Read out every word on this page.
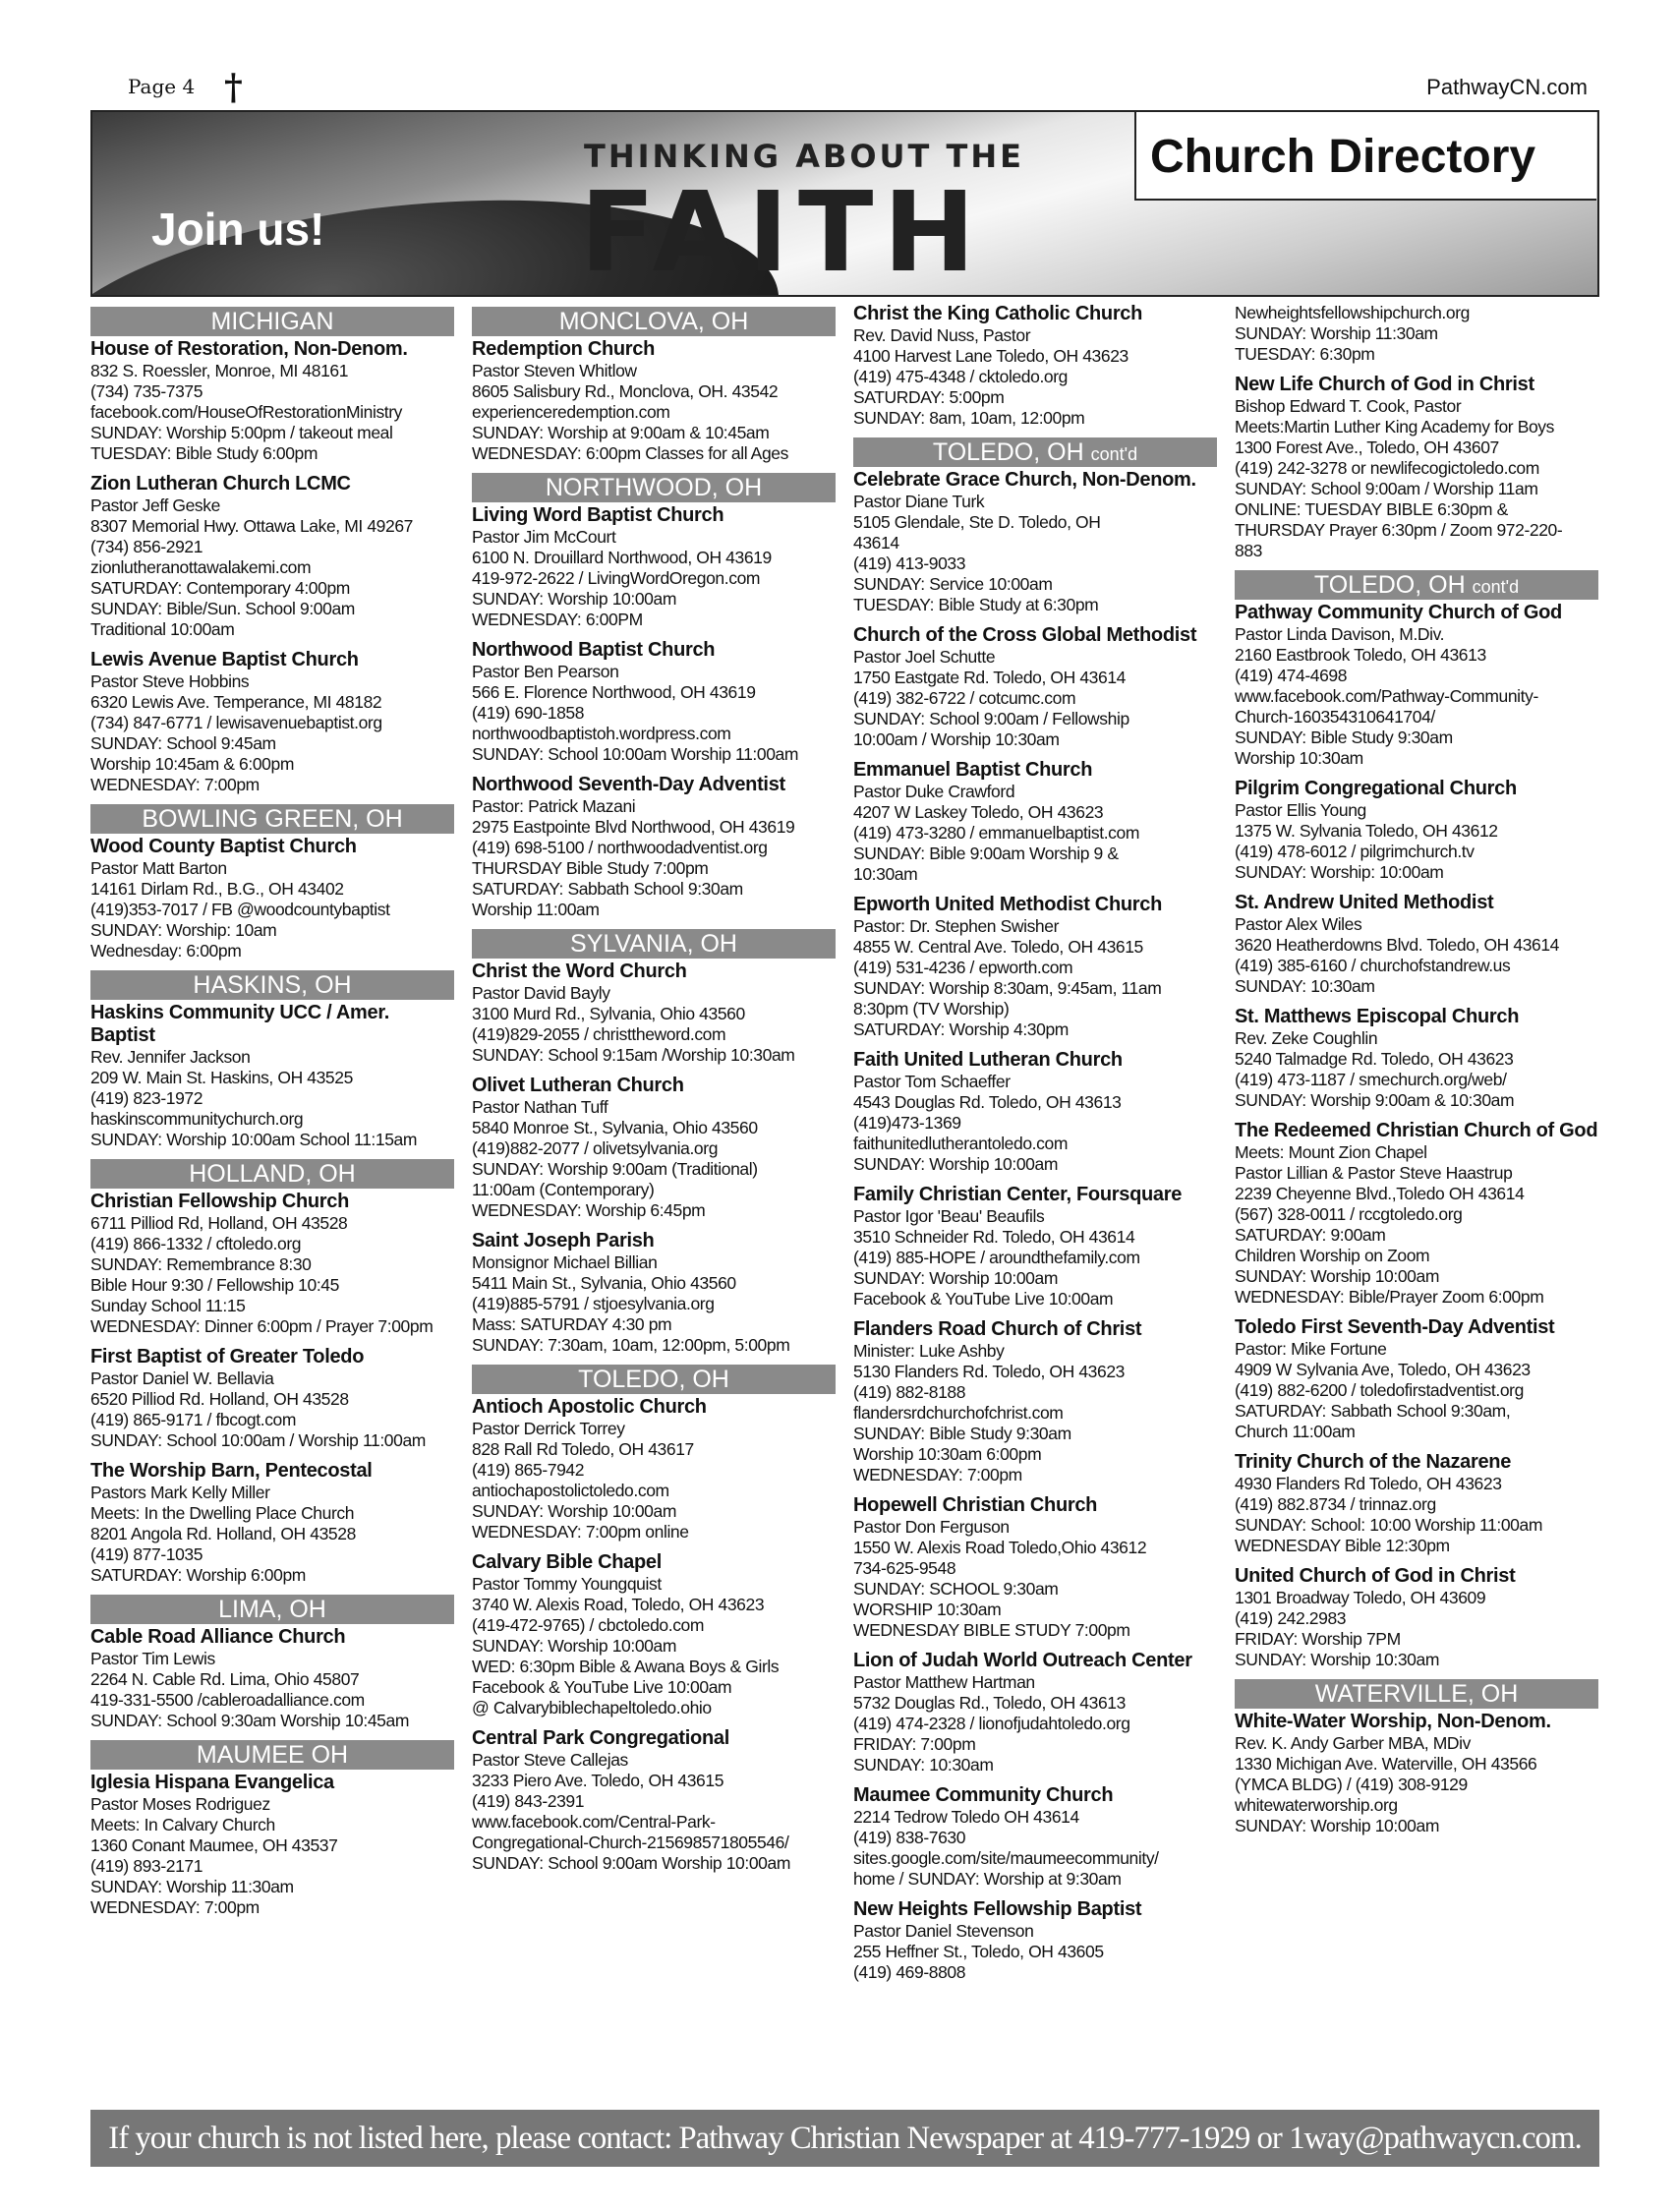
Page 4 †	PathwayCN.com
Join us!
THINKING ABOUT THE
FAITH
Church Directory
MICHIGAN
House of Restoration, Non-Denom.
832 S. Roessler, Monroe, MI 48161
(734) 735-7375
facebook.com/HouseOfRestorationMinistry
SUNDAY: Worship 5:00pm / takeout meal
TUESDAY: Bible Study 6:00pm
Zion Lutheran Church LCMC
Pastor Jeff Geske
8307 Memorial Hwy. Ottawa Lake, MI 49267
(734) 856-2921
zionlutheranottawalakemi.com
SATURDAY: Contemporary 4:00pm
SUNDAY: Bible/Sun. School 9:00am
Traditional 10:00am
Lewis Avenue Baptist Church
Pastor Steve Hobbins
6320 Lewis Ave. Temperance, MI 48182
(734) 847-6771 / lewisavenuebaptist.org
SUNDAY: School 9:45am
Worship 10:45am & 6:00pm
WEDNESDAY: 7:00pm
BOWLING GREEN, OH
Wood County Baptist Church
Pastor Matt Barton
14161 Dirlam Rd., B.G., OH 43402
(419)353-7017 / FB @woodcountybaptist
SUNDAY: Worship: 10am
Wednesday: 6:00pm
HASKINS, OH
Haskins Community UCC / Amer. Baptist
Rev. Jennifer Jackson
209 W. Main St. Haskins, OH 43525
(419) 823-1972
haskinscommunitychurch.org
SUNDAY: Worship 10:00am School 11:15am
HOLLAND, OH
Christian Fellowship Church
6711 Pilliod Rd, Holland, OH 43528
(419) 866-1332 / cftoledo.org
SUNDAY: Remembrance 8:30
Bible Hour 9:30 / Fellowship 10:45
Sunday School 11:15
WEDNESDAY: Dinner 6:00pm / Prayer 7:00pm
First Baptist of Greater Toledo
Pastor Daniel W. Bellavia
6520 Pilliod Rd. Holland, OH 43528
(419) 865-9171 / fbcogt.com
SUNDAY: School 10:00am / Worship 11:00am
The Worship Barn, Pentecostal
Pastors Mark Kelly Miller
Meets: In the Dwelling Place Church
8201 Angola Rd. Holland, OH 43528
(419) 877-1035
SATURDAY: Worship 6:00pm
LIMA, OH
Cable Road Alliance Church
Pastor Tim Lewis
2264 N. Cable Rd. Lima, Ohio 45807
419-331-5500 /cableroadalliance.com
SUNDAY: School 9:30am Worship 10:45am
MAUMEE OH
Iglesia Hispana Evangelica
Pastor Moses Rodriguez
Meets: In Calvary Church
1360 Conant Maumee, OH 43537
(419) 893-2171
SUNDAY: Worship 11:30am
WEDNESDAY: 7:00pm
MONCLOVA, OH
Redemption Church
Pastor Steven Whitlow
8605 Salisbury Rd., Monclova, OH. 43542
experienceredemption.com
SUNDAY: Worship at 9:00am & 10:45am
WEDNESDAY: 6:00pm Classes for all Ages
NORTHWOOD, OH
Living Word Baptist Church
Pastor Jim McCourt
6100 N. Drouillard Northwood, OH 43619
419-972-2622 / LivingWordOregon.com
SUNDAY: Worship 10:00am
WEDNESDAY: 6:00PM
Northwood Baptist Church
Pastor Ben Pearson
566 E. Florence Northwood, OH 43619
(419) 690-1858
northwoodbaptistoh.wordpress.com
SUNDAY: School 10:00am Worship 11:00am
Northwood Seventh-Day Adventist
Pastor: Patrick Mazani
2975 Eastpointe Blvd Northwood, OH 43619
(419) 698-5100 / northwoodadventist.org
THURSDAY Bible Study 7:00pm
SATURDAY: Sabbath School 9:30am
Worship 11:00am
SYLVANIA, OH
Christ the Word Church
Pastor David Bayly
3100 Murd Rd., Sylvania, Ohio 43560
(419)829-2055 / christtheword.com
SUNDAY: School 9:15am /Worship 10:30am
Olivet Lutheran Church
Pastor Nathan Tuff
5840 Monroe St., Sylvania, Ohio 43560
(419)882-2077 / olivetsylvania.org
SUNDAY: Worship 9:00am (Traditional)
11:00am (Contemporary)
WEDNESDAY: Worship 6:45pm
Saint Joseph Parish
Monsignor Michael Billian
5411 Main St., Sylvania, Ohio 43560
(419)885-5791 / stjoesylvania.org
Mass: SATURDAY 4:30 pm
SUNDAY: 7:30am, 10am, 12:00pm, 5:00pm
TOLEDO, OH
Antioch Apostolic Church
Pastor Derrick Torrey
828 Rall Rd Toledo, OH 43617
(419) 865-7942
antiochapostolictoledo.com
SUNDAY: Worship 10:00am
WEDNESDAY: 7:00pm online
Calvary Bible Chapel
Pastor Tommy Youngquist
3740 W. Alexis Road, Toledo, OH 43623
(419-472-9765) / cbctoledo.com
SUNDAY: Worship 10:00am
WED: 6:30pm Bible & Awana Boys & Girls
Facebook & YouTube Live 10:00am
@ Calvarybiblechapeltoledo.ohio
Central Park Congregational
Pastor Steve Callejas
3233 Piero Ave. Toledo, OH 43615
(419) 843-2391
www.facebook.com/Central-Park-
Congregational-Church-215698571805546/
SUNDAY: School 9:00am Worship 10:00am
Christ the King Catholic Church
Rev. David Nuss, Pastor
4100 Harvest Lane Toledo, OH 43623
(419) 475-4348 / cktoledo.org
SATURDAY: 5:00pm
SUNDAY: 8am, 10am, 12:00pm
TOLEDO, OH cont'd
Celebrate Grace Church, Non-Denom.
Pastor Diane Turk
5105 Glendale, Ste D. Toledo, OH
43614
(419) 413-9033
SUNDAY: Service 10:00am
TUESDAY: Bible Study at 6:30pm
Church of the Cross Global Methodist
Pastor Joel Schutte
1750 Eastgate Rd. Toledo, OH 43614
(419) 382-6722 / cotcumc.com
SUNDAY: School 9:00am / Fellowship
10:00am / Worship 10:30am
Emmanuel Baptist Church
Pastor Duke Crawford
4207 W Laskey Toledo, OH 43623
(419) 473-3280 / emmanuelbaptist.com
SUNDAY: Bible 9:00am Worship 9 &
10:30am
Epworth United Methodist Church
Pastor: Dr. Stephen Swisher
4855 W. Central Ave. Toledo, OH 43615
(419) 531-4236 / epworth.com
SUNDAY: Worship 8:30am, 9:45am, 11am
8:30pm (TV Worship)
SATURDAY: Worship 4:30pm
Faith United Lutheran Church
Pastor Tom Schaeffer
4543 Douglas Rd. Toledo, OH 43613
(419)473-1369
faithunitedlutherantoledo.com
SUNDAY: Worship 10:00am
Family Christian Center, Foursquare
Pastor Igor 'Beau' Beaufils
3510 Schneider Rd. Toledo, OH 43614
(419) 885-HOPE / aroundthefamily.com
SUNDAY: Worship 10:00am
Facebook & YouTube Live 10:00am
Flanders Road Church of Christ
Minister: Luke Ashby
5130 Flanders Rd. Toledo, OH 43623
(419) 882-8188
flandersrdchurchofchrist.com
SUNDAY: Bible Study 9:30am
Worship 10:30am 6:00pm
WEDNESDAY: 7:00pm
Hopewell Christian Church
Pastor Don Ferguson
1550 W. Alexis Road Toledo,Ohio 43612
734-625-9548
SUNDAY: SCHOOL 9:30am
WORSHIP 10:30am
WEDNESDAY BIBLE STUDY 7:00pm
Lion of Judah World Outreach Center
Pastor Matthew Hartman
5732 Douglas Rd., Toledo, OH 43613
(419) 474-2328 / lionofjudahtoledo.org
FRIDAY: 7:00pm
SUNDAY: 10:30am
Maumee Community Church
2214 Tedrow Toledo OH 43614
(419) 838-7630
sites.google.com/site/maumeecommunity/
home / SUNDAY: Worship at 9:30am
New Heights Fellowship Baptist
Pastor Daniel Stevenson
255 Heffner St., Toledo, OH 43605
(419) 469-8808
Newheightsfellowshipchurch.org
SUNDAY: Worship 11:30am
TUESDAY: 6:30pm
New Life Church of God in Christ
Bishop Edward T. Cook, Pastor
Meets:Martin Luther King Academy for Boys
1300 Forest Ave., Toledo, OH 43607
(419) 242-3278 or newlifecogictoledo.com
SUNDAY: School 9:00am / Worship 11am
ONLINE: TUESDAY BIBLE 6:30pm &
THURSDAY Prayer 6:30pm / Zoom 972-220-
883
TOLEDO, OH cont'd
Pathway Community Church of God
Pastor Linda Davison, M.Div.
2160 Eastbrook Toledo, OH 43613
(419) 474-4698
www.facebook.com/Pathway-Community-
Church-160354310641704/
SUNDAY: Bible Study 9:30am
Worship 10:30am
Pilgrim Congregational Church
Pastor Ellis Young
1375 W. Sylvania Toledo, OH 43612
(419) 478-6012 / pilgrimchurch.tv
SUNDAY: Worship: 10:00am
St. Andrew United Methodist
Pastor Alex Wiles
3620 Heatherdowns Blvd. Toledo, OH 43614
(419) 385-6160 / churchofstandrew.us
SUNDAY: 10:30am
St. Matthews Episcopal Church
Rev. Zeke Coughlin
5240 Talmadge Rd. Toledo, OH 43623
(419) 473-1187 / smechurch.org/web/
SUNDAY: Worship 9:00am & 10:30am
The Redeemed Christian Church of God
Meets: Mount Zion Chapel
Pastor Lillian & Pastor Steve Haastrup
2239 Cheyenne Blvd.,Toledo OH 43614
(567) 328-0011 / rccgtoledo.org
SATURDAY: 9:00am
Children Worship on Zoom
SUNDAY: Worship 10:00am
WEDNESDAY: Bible/Prayer Zoom 6:00pm
Toledo First Seventh-Day Adventist
Pastor: Mike Fortune
4909 W Sylvania Ave, Toledo, OH 43623
(419) 882-6200 / toledofirstadventist.org
SATURDAY: Sabbath School 9:30am,
Church 11:00am
Trinity Church of the Nazarene
4930 Flanders Rd Toledo, OH 43623
(419) 882.8734 / trinnaz.org
SUNDAY: School: 10:00 Worship 11:00am
WEDNESDAY Bible 12:30pm
United Church of God in Christ
1301 Broadway Toledo, OH 43609
(419) 242.2983
FRIDAY: Worship 7PM
SUNDAY: Worship 10:30am
WATERVILLE, OH
White-Water Worship, Non-Denom.
Rev. K. Andy Garber MBA, MDiv
1330 Michigan Ave. Waterville, OH 43566
(YMCA BLDG) / (419) 308-9129
whitewaterworship.org
SUNDAY: Worship 10:00am
If your church is not listed here, please contact: Pathway Christian Newspaper at 419-777-1929 or 1way@pathwaycn.com.
